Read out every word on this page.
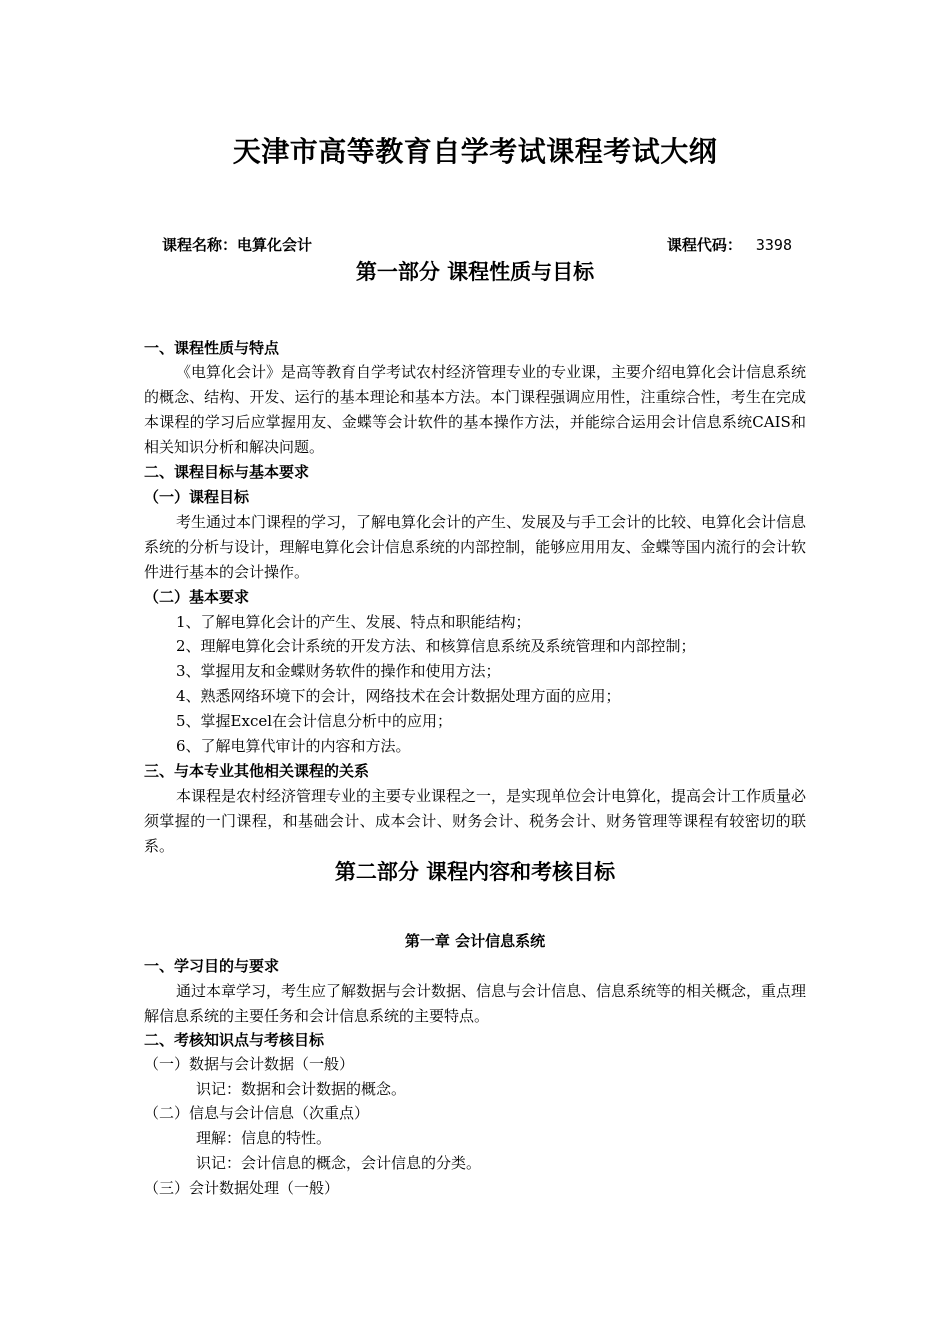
天津市高等教育自学考试课程考试大纲
课程名称：电算化会计	课程代码： 3398
第一部分 课程性质与目标
一、课程性质与特点
《电算化会计》是高等教育自学考试农村经济管理专业的专业课，主要介绍电算化会计信息系统的概念、结构、开发、运行的基本理论和基本方法。本门课程强调应用性，注重综合性，考生在完成本课程的学习后应掌握用友、金蝶等会计软件的基本操作方法，并能综合运用会计信息系统CAIS和相关知识分析和解决问题。
二、课程目标与基本要求
（一）课程目标
考生通过本门课程的学习，了解电算化会计的产生、发展及与手工会计的比较、电算化会计信息系统的分析与设计，理解电算化会计信息系统的内部控制，能够应用用友、金蝶等国内流行的会计软件进行基本的会计操作。
（二）基本要求
1、了解电算化会计的产生、发展、特点和职能结构；
2、理解电算化会计系统的开发方法、和核算信息系统及系统管理和内部控制；
3、掌握用友和金蝶财务软件的操作和使用方法；
4、熟悉网络环境下的会计，网络技术在会计数据处理方面的应用；
5、掌握Excel在会计信息分析中的应用；
6、了解电算代审计的内容和方法。
三、与本专业其他相关课程的关系
本课程是农村经济管理专业的主要专业课程之一，是实现单位会计电算化，提高会计工作质量必须掌握的一门课程，和基础会计、成本会计、财务会计、税务会计、财务管理等课程有较密切的联系。
第二部分 课程内容和考核目标
第一章 会计信息系统
一、学习目的与要求
通过本章学习，考生应了解数据与会计数据、信息与会计信息、信息系统等的相关概念，重点理解信息系统的主要任务和会计信息系统的主要特点。
二、考核知识点与考核目标
（一）数据与会计数据（一般）
识记：数据和会计数据的概念。
（二）信息与会计信息（次重点）
理解：信息的特性。
识记：会计信息的概念，会计信息的分类。
（三）会计数据处理（一般）
